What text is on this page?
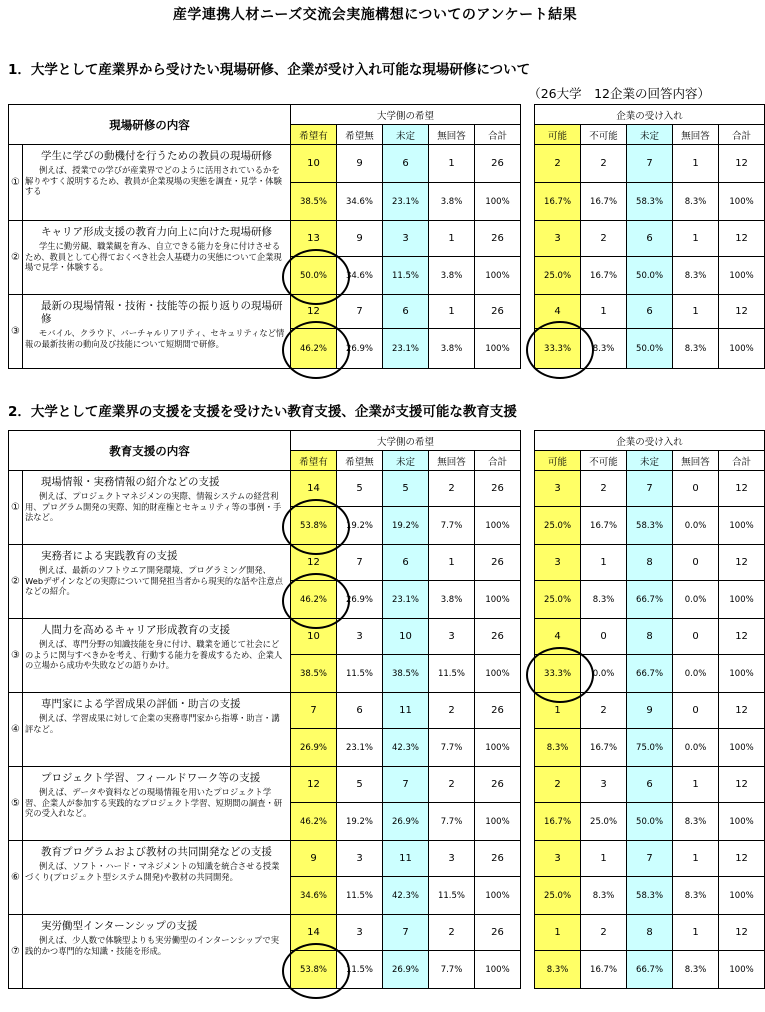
産学連携人材ニーズ交流会実施構想についてのアンケート結果
1．大学として産業界から受けたい現場研修、企業が受け入れ可能な現場研修について
（26大学　12企業の回答内容）
現場研修の内容		大学側の希望						企業の受け入れ				
		希望有	希望無	未定	無回答	合計		可能	不可能	未定	無回答	合計
①	学生に学びの動機付を行うための教員の現場研修
例えば、授業での学びが産業界でどのように活用されているかを解りやすく説明するため、教員が企業現場の実態を調査・見学・体験する	10	9	6	1	26		2	2	7	1	12
		38.5%	34.6%	23.1%	3.8%	100%		16.7%	16.7%	58.3%	8.3%	100%
②	キャリア形成支援の教育力向上に向けた現場研修
学生に勤労観、職業観を育み、自立できる能力を身に付けさせるため、教員として心得ておくべき社会人基礎力の実態について企業現場で見学・体験する。	13	9	3	1	26		3	2	6	1	12
		50.0%	34.6%	11.5%	3.8%	100%		25.0%	16.7%	50.0%	8.3%	100%
③	最新の現場情報・技術・技能等の振り返りの現場研修
モバイル、クラウド、バーチャルリアリティ、セキュリティなど情報の最新技術の動向及び技能について短期間で研修。	12	7	6	1	26		4	1	6	1	12
		46.2%	26.9%	23.1%	3.8%	100%		33.3%	8.3%	50.0%	8.3%	100%
2．大学として産業界の支援を支援を受けたい教育支援、企業が支援可能な教育支援
教育支援の内容		大学側の希望						企業の受け入れ				
		希望有	希望無	未定	無回答	合計		可能	不可能	未定	無回答	合計
①	現場情報・実務情報の紹介などの支援
例えば、プロジェクトマネジメンの実際、情報システムの経営利用、プログラム開発の実際、知的財産権とセキュリティ等の事例・手法など。	14	5	5	2	26		3	2	7	0	12
		53.8%	19.2%	19.2%	7.7%	100%		25.0%	16.7%	58.3%	0.0%	100%
②	実務者による実践教育の支援
例えば、最新のソフトウエア開発環境、プログラミング開発、Webデザインなどの実際について開発担当者から現実的な話や注意点などの紹介。	12	7	6	1	26		3	1	8	0	12
		46.2%	26.9%	23.1%	3.8%	100%		25.0%	8.3%	66.7%	0.0%	100%
③	人間力を高めるキャリア形成教育の支援
例えば、専門分野の知識技能を身に付け、職業を通じて社会にどのように関与すべきかを考え、行動する能力を養成するため、企業人の立場から成功や失敗などの語りかけ。	10	3	10	3	26		4	0	8	0	12
		38.5%	11.5%	38.5%	11.5%	100%		33.3%	0.0%	66.7%	0.0%	100%
④	専門家による学習成果の評価・助言の支援
例えば、学習成果に対して企業の実務専門家から指導・助言・講評など。	7	6	11	2	26		1	2	9	0	12
		26.9%	23.1%	42.3%	7.7%	100%		8.3%	16.7%	75.0%	0.0%	100%
⑤	プロジェクト学習、フィールドワーク等の支援
例えば、データや資料などの現場情報を用いたプロジェクト学習、企業人が参加する実践的なプロジェクト学習、短期間の調査・研究の受入れなど。	12	5	7	2	26		2	3	6	1	12
		46.2%	19.2%	26.9%	7.7%	100%		16.7%	25.0%	50.0%	8.3%	100%
⑥	教育プログラムおよび教材の共同開発などの支援
例えば、ソフト・ハード・マネジメントの知識を統合させる授業づくり(プロジェクト型システム開発)や教材の共同開発。	9	3	11	3	26		3	1	7	1	12
		34.6%	11.5%	42.3%	11.5%	100%		25.0%	8.3%	58.3%	8.3%	100%
⑦	実労働型インターンシップの支援
例えば、少人数で体験型よりも実労働型のインターンシップで実践的かつ専門的な知識・技能を形成。	14	3	7	2	26		1	2	8	1	12
		53.8%	11.5%	26.9%	7.7%	100%		8.3%	16.7%	66.7%	8.3%	100%
